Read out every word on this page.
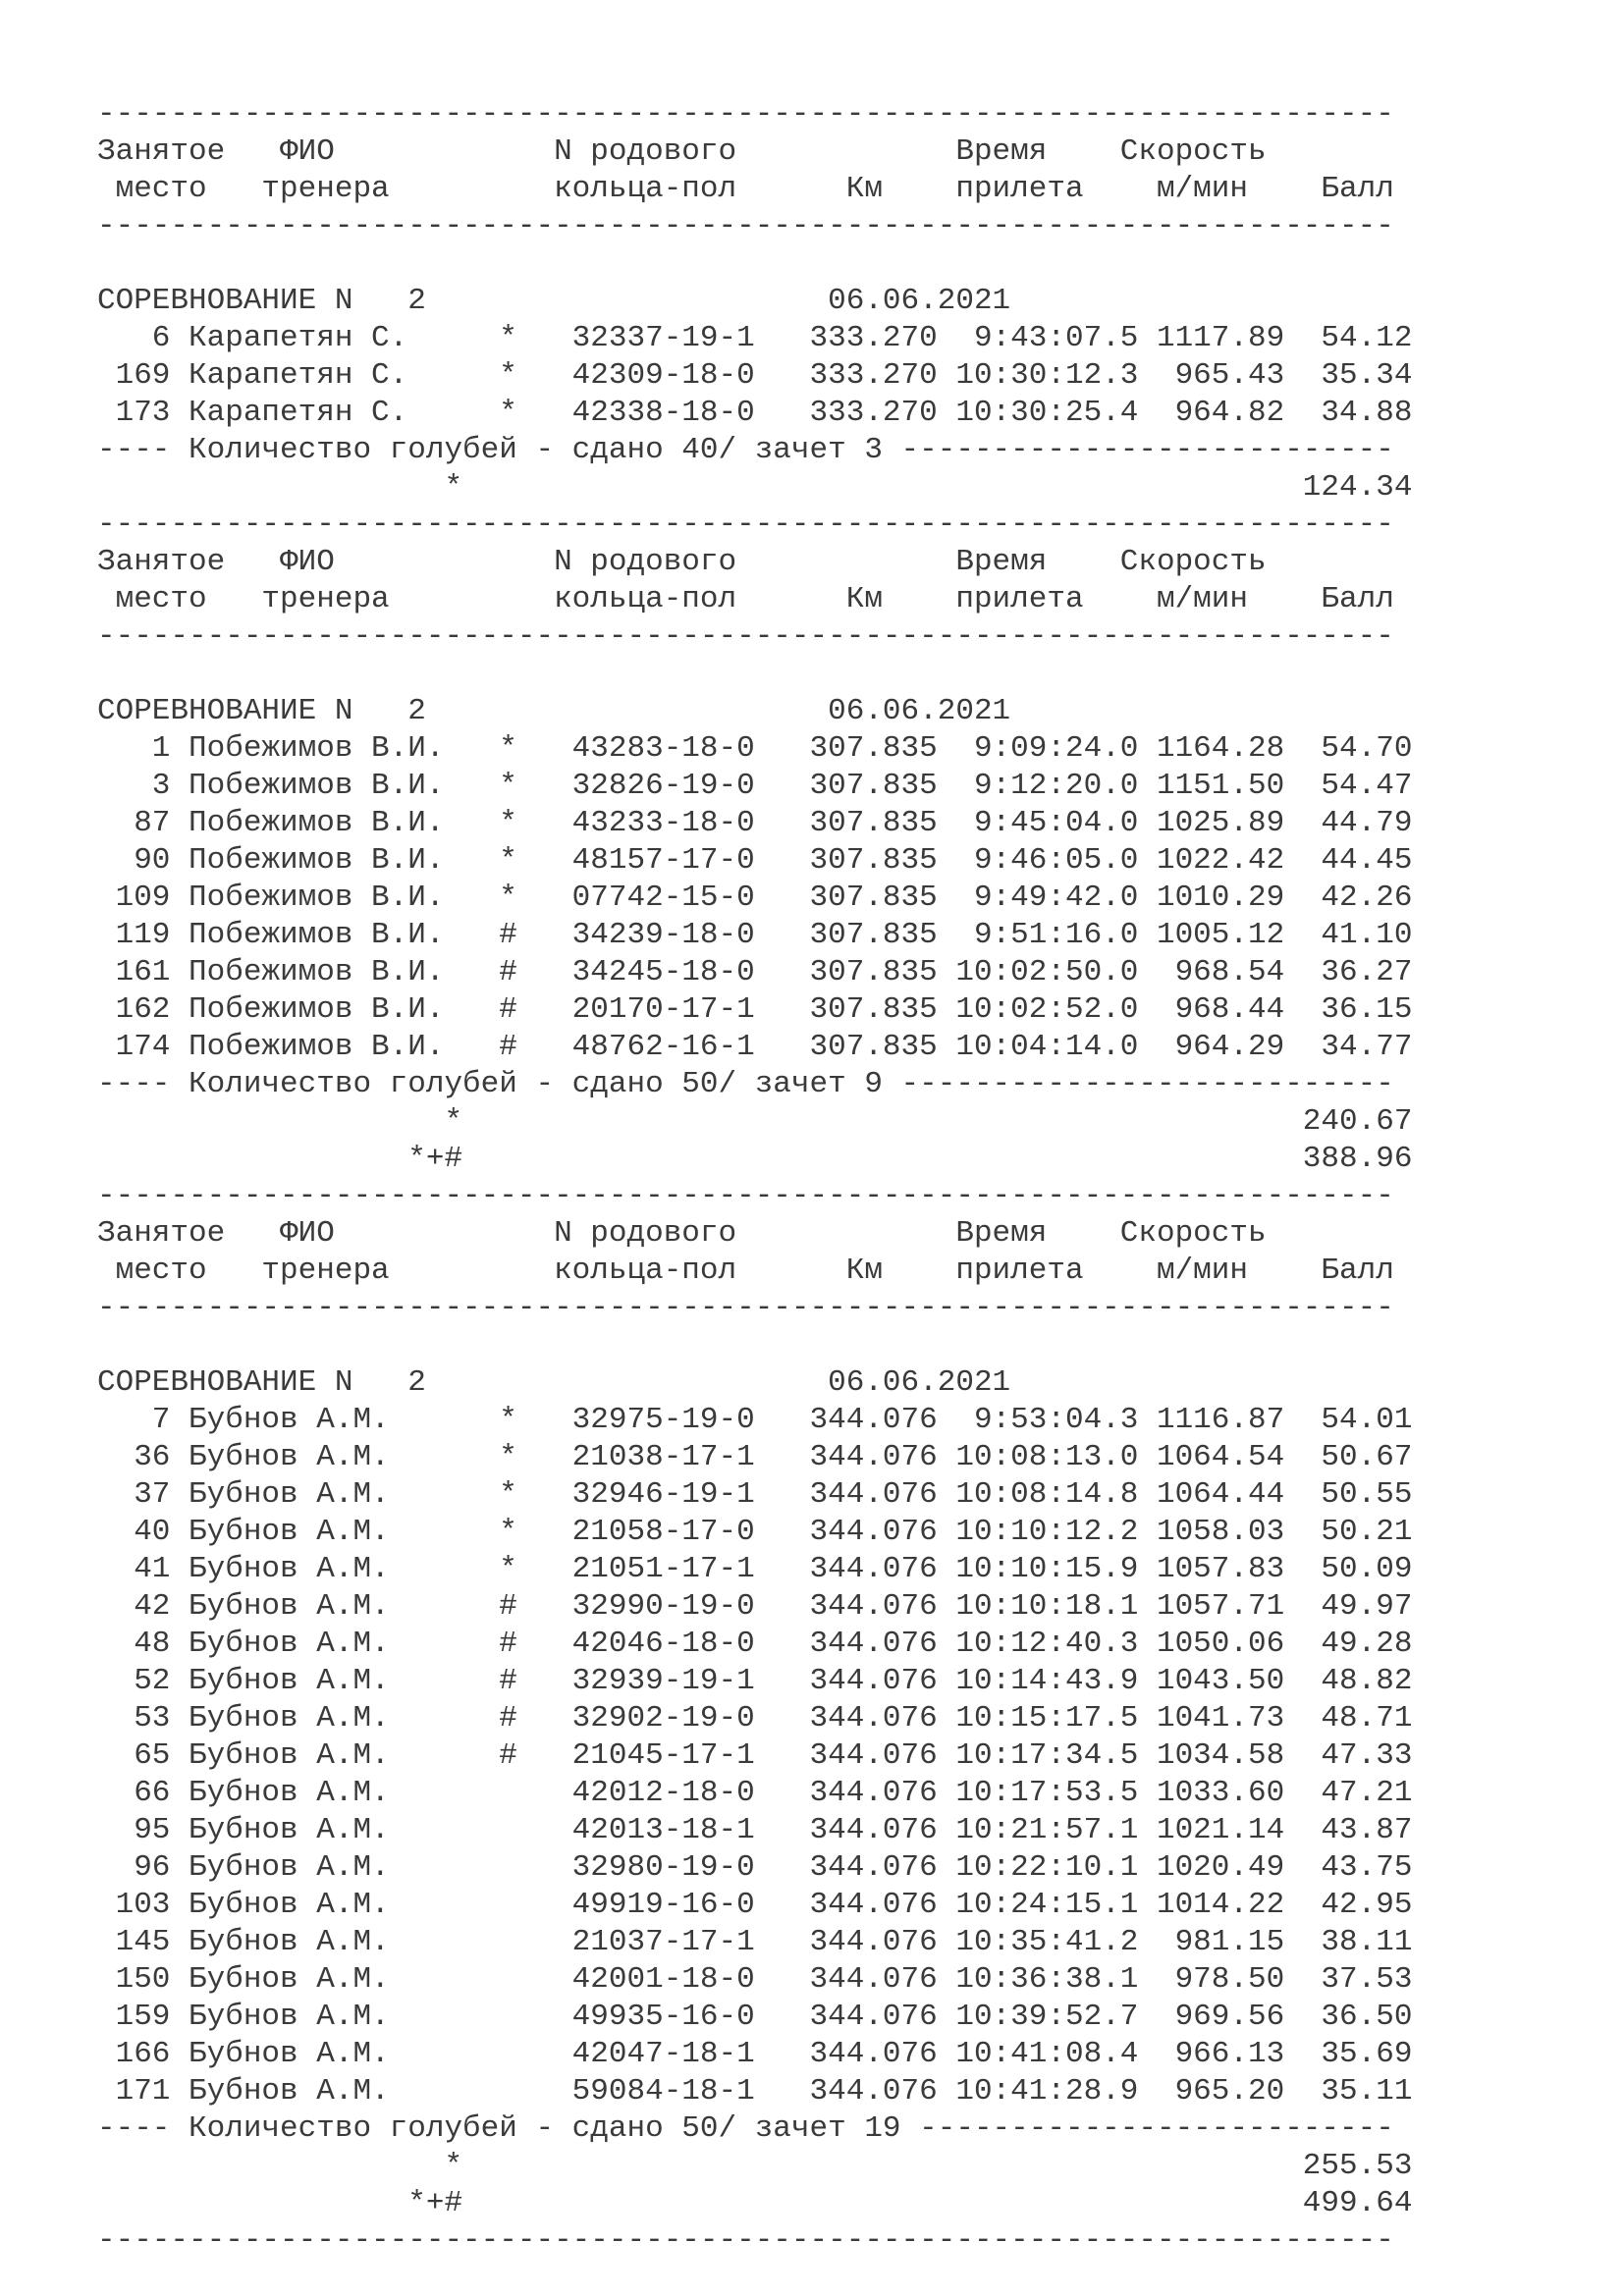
-----------------------------------------------------------------------
Занятое   ФИО            N родового            Время    Скорость
место   тренера         кольца-пол      Км    прилета    м/мин    Балл
-----------------------------------------------------------------------
СОРЕВНОВАНИЕ N   2                      06.06.2021
6 Карапетян С.     *   32337-19-1   333.270  9:43:07.5 1117.89  54.12
169 Карапетян С.     *   42309-18-0   333.270 10:30:12.3  965.43  35.34
173 Карапетян С.     *   42338-18-0   333.270 10:30:25.4  964.82  34.88
---- Количество голубей - сдано 40/ зачет 3 ---------------------------
*                                              124.34
-----------------------------------------------------------------------
Занятое   ФИО            N родового            Время    Скорость
место   тренера         кольца-пол      Км    прилета    м/мин    Балл
-----------------------------------------------------------------------
СОРЕВНОВАНИЕ N   2                      06.06.2021
1 Побежимов В.И.   *   43283-18-0   307.835  9:09:24.0 1164.28  54.70
3 Побежимов В.И.   *   32826-19-0   307.835  9:12:20.0 1151.50  54.47
87 Побежимов В.И.   *   43233-18-0   307.835  9:45:04.0 1025.89  44.79
90 Побежимов В.И.   *   48157-17-0   307.835  9:46:05.0 1022.42  44.45
109 Побежимов В.И.   *   07742-15-0   307.835  9:49:42.0 1010.29  42.26
119 Побежимов В.И.   #   34239-18-0   307.835  9:51:16.0 1005.12  41.10
161 Побежимов В.И.   #   34245-18-0   307.835 10:02:50.0  968.54  36.27
162 Побежимов В.И.   #   20170-17-1   307.835 10:02:52.0  968.44  36.15
174 Побежимов В.И.   #   48762-16-1   307.835 10:04:14.0  964.29  34.77
---- Количество голубей - сдано 50/ зачет 9 ---------------------------
*                                              240.67
*+#                                              388.96
-----------------------------------------------------------------------
Занятое   ФИО            N родового            Время    Скорость
место   тренера         кольца-пол      Км    прилета    м/мин    Балл
-----------------------------------------------------------------------
СОРЕВНОВАНИЕ N   2                      06.06.2021
7 Бубнов А.М.      *   32975-19-0   344.076  9:53:04.3 1116.87  54.01
36 Бубнов А.М.      *   21038-17-1   344.076 10:08:13.0 1064.54  50.67
37 Бубнов А.М.      *   32946-19-1   344.076 10:08:14.8 1064.44  50.55
40 Бубнов А.М.      *   21058-17-0   344.076 10:10:12.2 1058.03  50.21
41 Бубнов А.М.      *   21051-17-1   344.076 10:10:15.9 1057.83  50.09
42 Бубнов А.М.      #   32990-19-0   344.076 10:10:18.1 1057.71  49.97
48 Бубнов А.М.      #   42046-18-0   344.076 10:12:40.3 1050.06  49.28
52 Бубнов А.М.      #   32939-19-1   344.076 10:14:43.9 1043.50  48.82
53 Бубнов А.М.      #   32902-19-0   344.076 10:15:17.5 1041.73  48.71
65 Бубнов А.М.      #   21045-17-1   344.076 10:17:34.5 1034.58  47.33
66 Бубнов А.М.          42012-18-0   344.076 10:17:53.5 1033.60  47.21
95 Бубнов А.М.          42013-18-1   344.076 10:21:57.1 1021.14  43.87
96 Бубнов А.М.          32980-19-0   344.076 10:22:10.1 1020.49  43.75
103 Бубнов А.М.          49919-16-0   344.076 10:24:15.1 1014.22  42.95
145 Бубнов А.М.          21037-17-1   344.076 10:35:41.2  981.15  38.11
150 Бубнов А.М.          42001-18-0   344.076 10:36:38.1  978.50  37.53
159 Бубнов А.М.          49935-16-0   344.076 10:39:52.7  969.56  36.50
166 Бубнов А.М.          42047-18-1   344.076 10:41:08.4  966.13  35.69
171 Бубнов А.М.          59084-18-1   344.076 10:41:28.9  965.20  35.11
---- Количество голубей - сдано 50/ зачет 19 --------------------------
*                                              255.53
*+#                                              499.64
-----------------------------------------------------------------------
